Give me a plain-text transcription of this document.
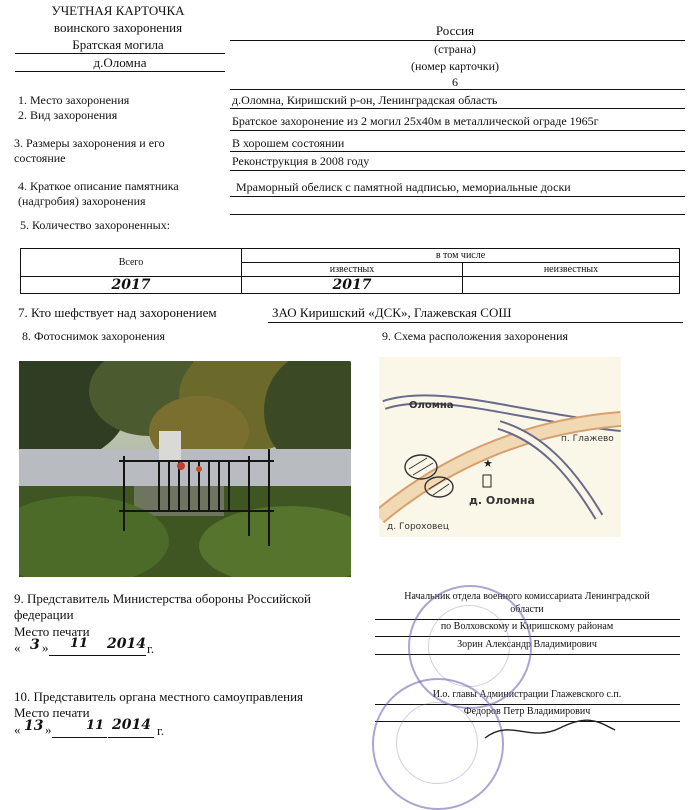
УЧЕТНАЯ КАРТОЧКА
воинского захоронения
Братская могила
д.Оломна
Россия
(страна)
(номер карточки)
6
1. Место захоронения	д.Оломна, Киришский р-он, Ленинградская область
2. Вид захоронения	Братское захоронение из 2 могил 25х40м в металлической ограде 1965г
3. Размеры захоронения и его
состояние
В хорошем состоянии
Реконструкция в 2008 году
4. Краткое описание памятника
(надгробия) захоронения
Мраморный обелиск с памятной надписью, мемориальные доски
5. Количество захороненных:
Всего	в том числе	
	известных	неизвестных
2017	2017	
7. Кто шефствует над захоронением	ЗАО Киришский «ДСК», Глажевская СОШ
8. Фотоснимок захоронения	9. Схема расположения захоронения
★
Оломна
п. Глажево
д. Оломна
д. Гороховец
9. Представитель Министерства обороны Российской
федерации
Место печати
« 3 » 11 2014 г.
Начальник отдела военного комиссариата Ленинградской
области
по Волховскому и Киришскому районам
Зорин Александр Владимирович
10. Представитель органа местного самоуправления
Место печати
« 13 »	11 2014 г.
И.о. главы Администрации Глажевского с.п.
Федоров Петр Владимирович
